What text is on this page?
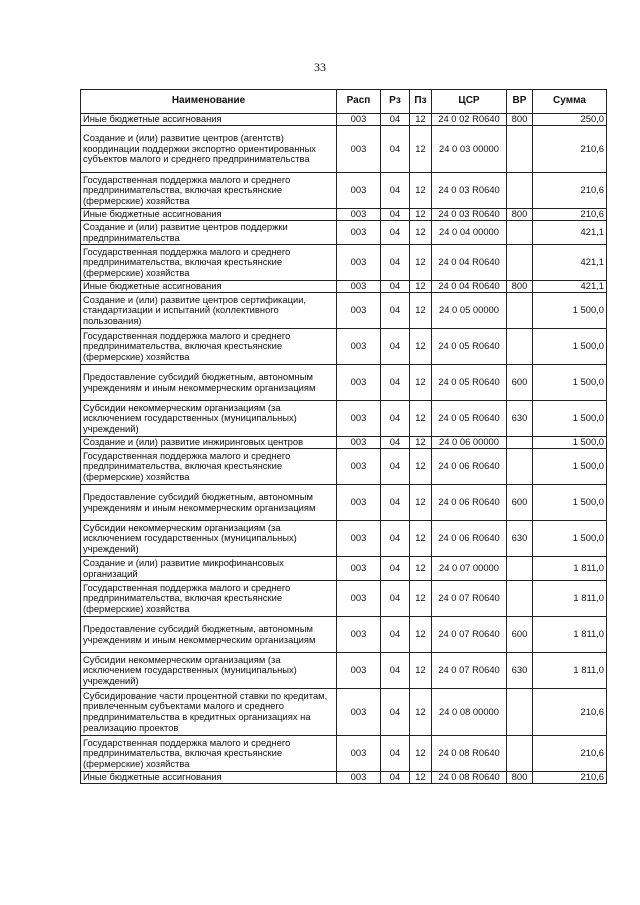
33
Наименование	Расп	Рз	Пз	ЦСР	ВР	Сумма
Иные бюджетные ассигнования	003	04	12	24 0 02 R0640	800	250,0
Создание и (или) развитие центров (агентств) координации поддержки экспортно ориентированных субъектов малого и среднего предпринимательства	003	04	12	24 0 03 00000		210,6
Государственная поддержка малого и среднего предпринимательства, включая крестьянские (фермерские) хозяйства	003	04	12	24 0 03 R0640		210,6
Иные бюджетные ассигнования	003	04	12	24 0 03 R0640	800	210,6
Создание и (или) развитие центров поддержки предпринимательства	003	04	12	24 0 04 00000		421,1
Государственная поддержка малого и среднего предпринимательства, включая крестьянские (фермерские) хозяйства	003	04	12	24 0 04 R0640		421,1
Иные бюджетные ассигнования	003	04	12	24 0 04 R0640	800	421,1
Создание и (или) развитие центров сертификации, стандартизации и испытаний (коллективного пользования)	003	04	12	24 0 05 00000		1 500,0
Государственная поддержка малого и среднего предпринимательства, включая крестьянские (фермерские) хозяйства	003	04	12	24 0 05 R0640		1 500,0
Предоставление субсидий бюджетным, автономным учреждениям и иным некоммерческим организациям	003	04	12	24 0 05 R0640	600	1 500,0
Субсидии некоммерческим организациям (за исключением государственных (муниципальных) учреждений)	003	04	12	24 0 05 R0640	630	1 500,0
Создание и (или) развитие инжиринговых центров	003	04	12	24 0 06 00000		1 500,0
Государственная поддержка малого и среднего предпринимательства, включая крестьянские (фермерские) хозяйства	003	04	12	24 0 06 R0640		1 500,0
Предоставление субсидий бюджетным, автономным учреждениям и иным некоммерческим организациям	003	04	12	24 0 06 R0640	600	1 500,0
Субсидии некоммерческим организациям (за исключением государственных (муниципальных) учреждений)	003	04	12	24 0 06 R0640	630	1 500,0
Создание и (или) развитие микрофинансовых организаций	003	04	12	24 0 07 00000		1 811,0
Государственная поддержка малого и среднего предпринимательства, включая крестьянские (фермерские) хозяйства	003	04	12	24 0 07 R0640		1 811,0
Предоставление субсидий бюджетным, автономным учреждениям и иным некоммерческим организациям	003	04	12	24 0 07 R0640	600	1 811,0
Субсидии некоммерческим организациям (за исключением государственных (муниципальных) учреждений)	003	04	12	24 0 07 R0640	630	1 811,0
Субсидирование части процентной ставки по кредитам, привлеченным субъектами малого и среднего предпринимательства в кредитных организациях на реализацию проектов	003	04	12	24 0 08 00000		210,6
Государственная поддержка малого и среднего предпринимательства, включая крестьянские (фермерские) хозяйства	003	04	12	24 0 08 R0640		210,6
Иные бюджетные ассигнования	003	04	12	24 0 08 R0640	800	210,6
